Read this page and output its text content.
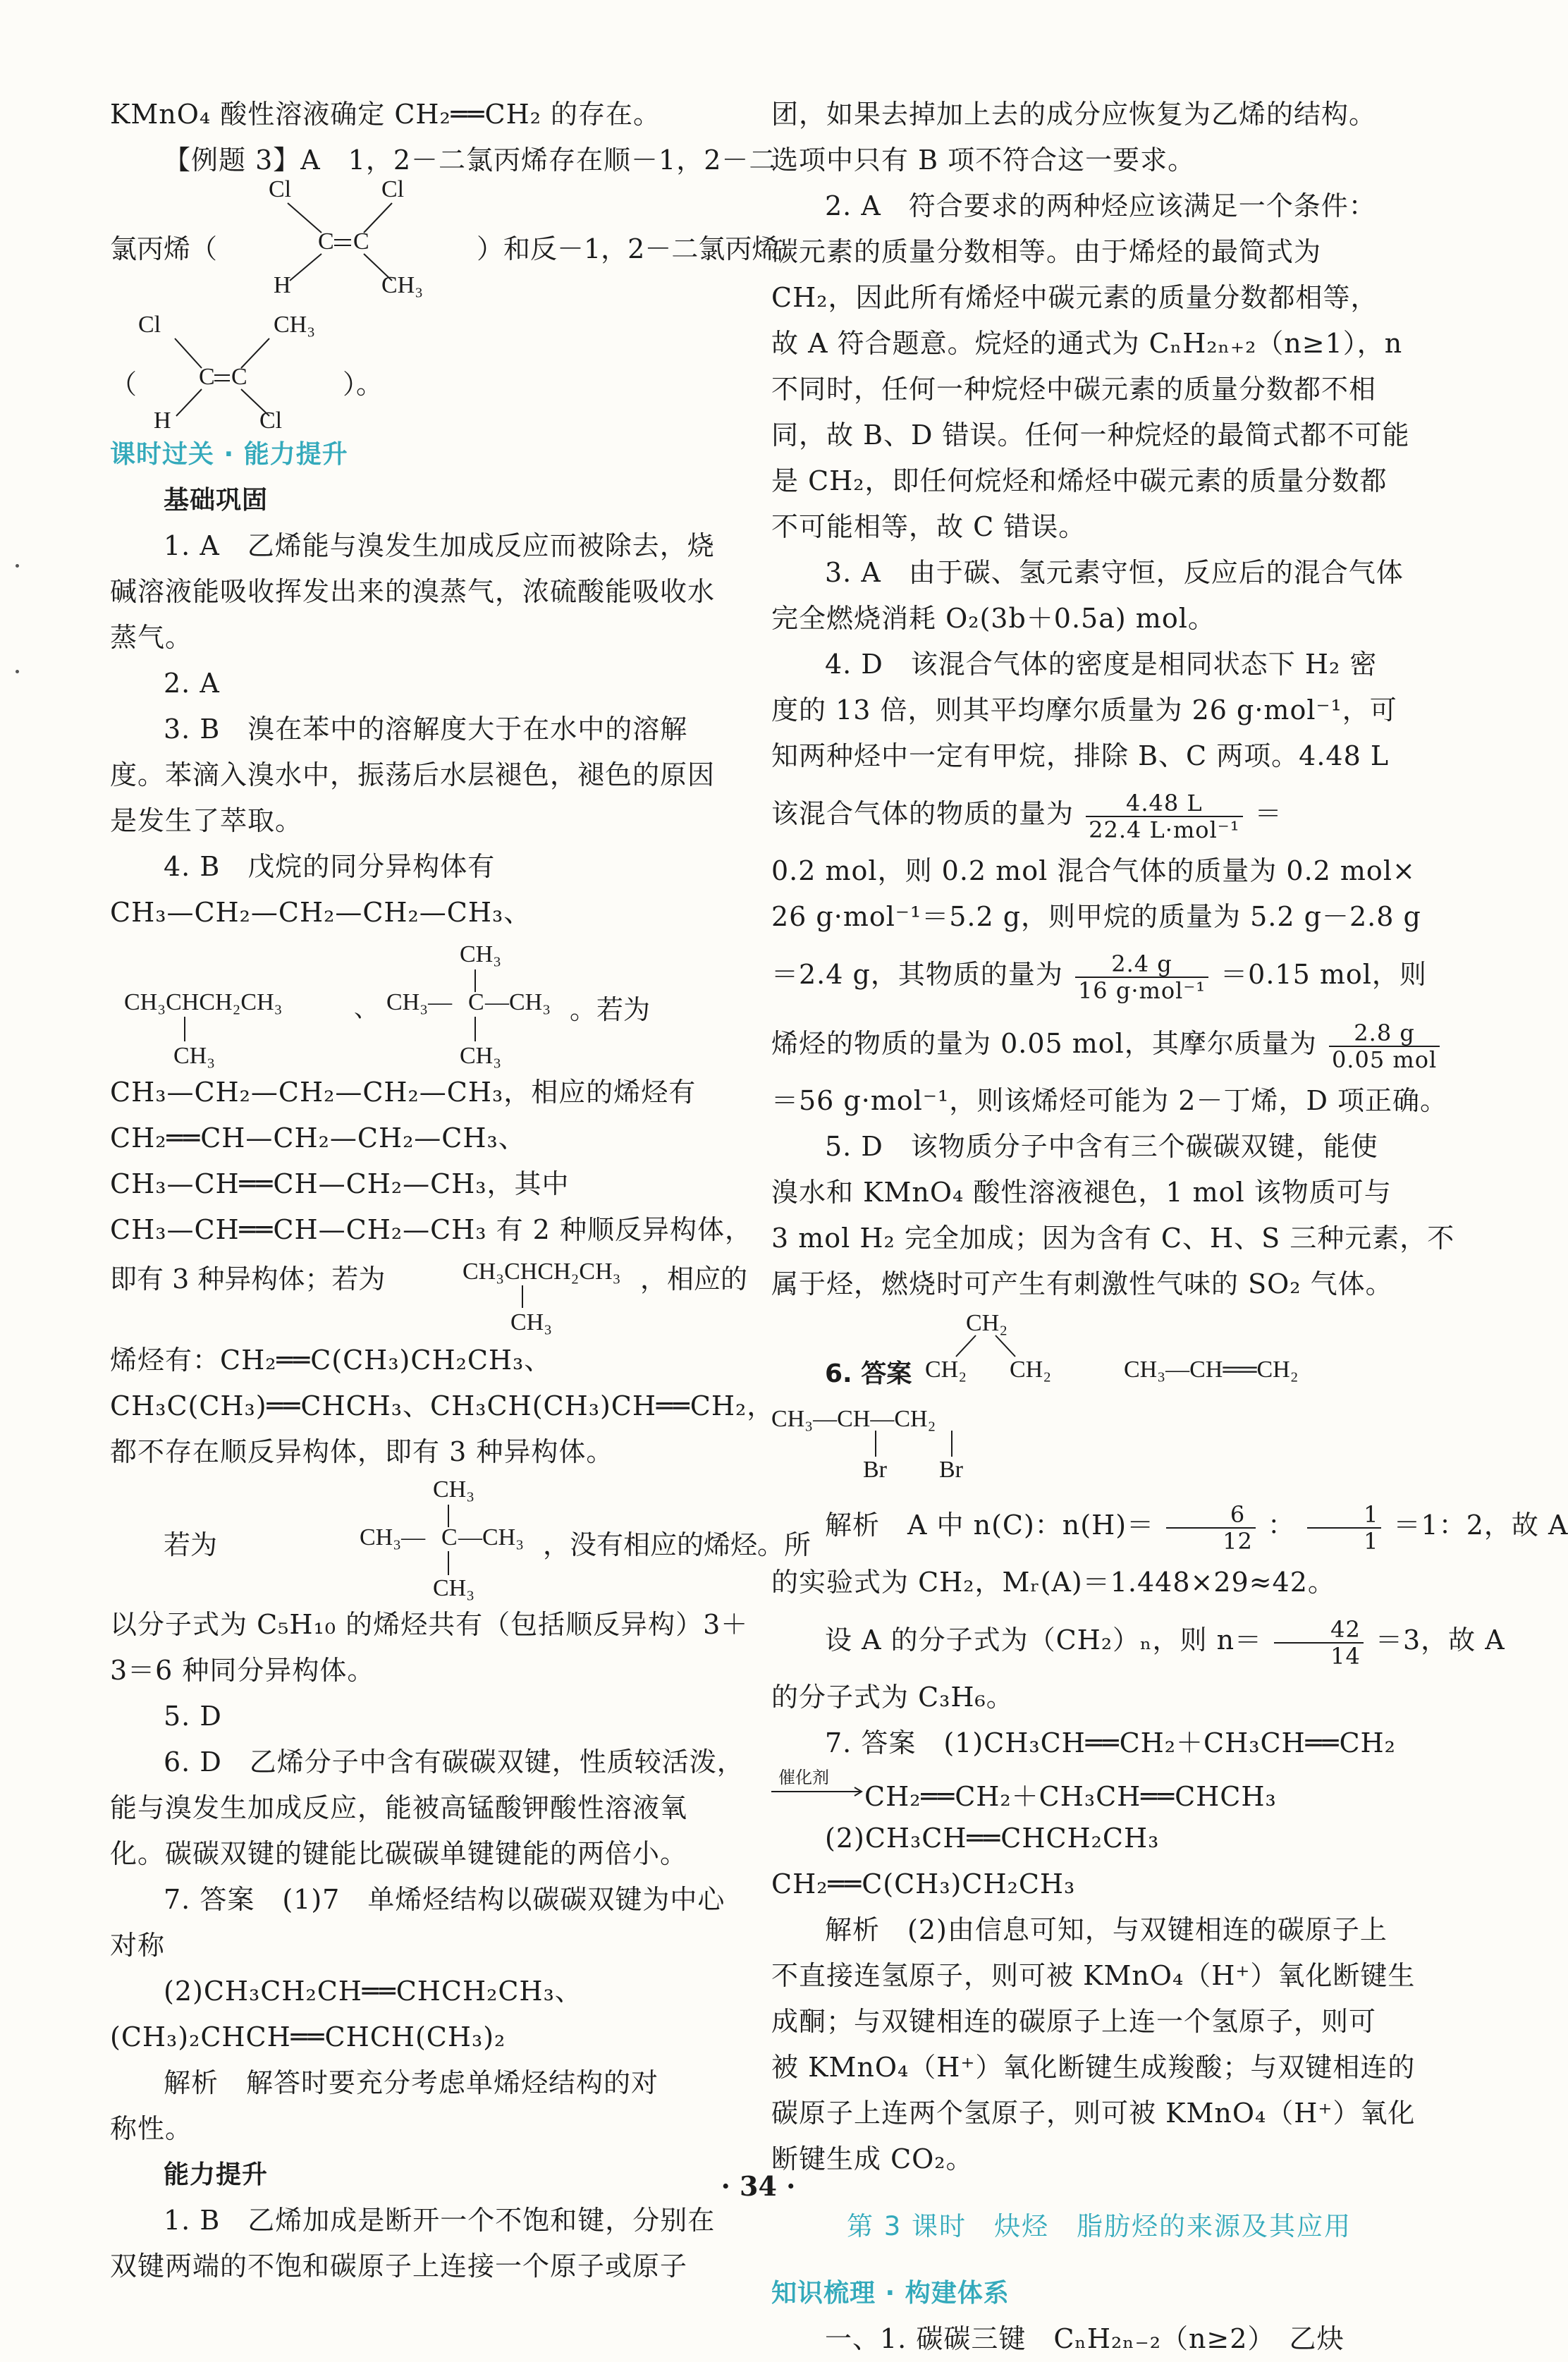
KMnO₄ 酸性溶液确定 CH₂══CH₂ 的存在。
【例题 3】A　1，2－二氯丙烯存在顺－1，2－二
Cl	Cl
氯丙烯（	C C	）和反－1，2－二氯丙烯
H	CH₃
Cl	CH₃
（	C C	）。
H	Cl
课时过关 · 能力提升
基础巩固
1. A　乙烯能与溴发生加成反应而被除去，烧
碱溶液能吸收挥发出来的溴蒸气，浓硫酸能吸收水
蒸气。
2. A
3. B　溴在苯中的溶解度大于在水中的溶解
度。苯滴入溴水中，振荡后水层褪色，褪色的原因
是发生了萃取。
4. B　戊烷的同分异构体有
CH₃—CH₂—CH₂—CH₂—CH₃、
CH₃CHCH₂CH₃
CH₃
、
CH₃
CH₃— C —CH₃
CH₃
。若为
CH₃—CH₂—CH₂—CH₂—CH₃，相应的烯烃有
CH₂══CH—CH₂—CH₂—CH₃、
CH₃—CH══CH—CH₂—CH₃，其中
CH₃—CH══CH—CH₂—CH₃ 有 2 种顺反异构体，
即有 3 种异构体；若为	CH₃CHCH₂CH₃
CH₃
，相应的
烯烃有：CH₂══C(CH₃)CH₂CH₃、
CH₃C(CH₃)══CHCH₃、CH₃CH(CH₃)CH══CH₂，
都不存在顺反异构体，即有 3 种异构体。
若为
CH₃
CH₃— C —CH₃
CH₃
，没有相应的烯烃。所
以分子式为 C₅H₁₀ 的烯烃共有（包括顺反异构）3＋
3＝6 种同分异构体。
5. D
6. D　乙烯分子中含有碳碳双键，性质较活泼，
能与溴发生加成反应，能被高锰酸钾酸性溶液氧
化。碳碳双键的键能比碳碳单键键能的两倍小。
7. 答案　(1)7　单烯烃结构以碳碳双键为中心
对称
(2)CH₃CH₂CH══CHCH₂CH₃、
(CH₃)₂CHCH══CHCH(CH₃)₂
解析　解答时要充分考虑单烯烃结构的对
称性。
能力提升
1. B　乙烯加成是断开一个不饱和键，分别在
双键两端的不饱和碳原子上连接一个原子或原子
团，如果去掉加上去的成分应恢复为乙烯的结构。
选项中只有 B 项不符合这一要求。
2. A　符合要求的两种烃应该满足一个条件：
碳元素的质量分数相等。由于烯烃的最简式为
CH₂，因此所有烯烃中碳元素的质量分数都相等，
故 A 符合题意。烷烃的通式为 CₙH₂ₙ₊₂（n≥1），n
不同时，任何一种烷烃中碳元素的质量分数都不相
同，故 B、D 错误。任何一种烷烃的最简式都不可能
是 CH₂，即任何烷烃和烯烃中碳元素的质量分数都
不可能相等，故 C 错误。
3. A　由于碳、氢元素守恒，反应后的混合气体
完全燃烧消耗 O₂(3b＋0.5a) mol。
4. D　该混合气体的密度是相同状态下 H₂ 密
度的 13 倍，则其平均摩尔质量为 26 g·mol⁻¹，可
知两种烃中一定有甲烷，排除 B、C 两项。4.48 L
该混合气体的物质的量为 $\frac{4.48 L}{\text{22.4 L·mol⁻¹}}$ ＝
0.2 mol，则 0.2 mol 混合气体的质量为 0.2 mol×
26 g·mol⁻¹＝5.2 g，则甲烷的质量为 5.2 g－2.8 g
＝2.4 g，其物质的量为 $\frac{2.4 g}{\text{16 g·mol⁻¹}} =0.15$ mol，则
烯烃的物质的量为 0.05 mol，其摩尔质量为 $\frac{2.8 g}{\text{0.05 mol}}$
＝56 g·mol⁻¹，则该烯烃可能为 2－丁烯，D 项正确。
5. D　该物质分子中含有三个碳碳双键，能使
溴水和 KMnO₄ 酸性溶液褪色，1 mol 该物质可与
3 mol H₂ 完全加成；因为含有 C、H、S 三种元素，不
属于烃，燃烧时可产生有刺激性气味的 SO₂ 气体。
CH₂
6. 答案 CH₂ CH₂	CH₃—CH══CH₂
CH₃—CH—CH₂
Br Br
解析　A 中 n(C)：$n(H)= \frac{6}{12}$ ： $\frac{1}{1} =1$：2，故 A
的实验式为 CH₂，Mᵣ(A)＝1.448×29≈42。
设 A 的分子式为（CH₂）ₙ，则 $n= \frac{42}{14} =3$，故 A
的分子式为 C₃H₆。
7. 答案　(1)CH₃CH══CH₂＋CH₃CH══CH₂
催化剂
CH₂══CH₂＋CH₃CH══CHCH₃
(2)CH₃CH══CHCH₂CH₃
CH₂══C(CH₃)CH₂CH₃
解析　(2)由信息可知，与双键相连的碳原子上
不直接连氢原子，则可被 KMnO₄（H⁺）氧化断键生
成酮；与双键相连的碳原子上连一个氢原子，则可
被 KMnO₄（H⁺）氧化断键生成羧酸；与双键相连的
碳原子上连两个氢原子，则可被 KMnO₄（H⁺）氧化
断键生成 CO₂。
第 3 课时　炔烃　脂肪烃的来源及其应用
知识梳理 · 构建体系
一、1. 碳碳三键　CₙH₂ₙ₋₂（n≥2）　乙炔
· 34 ·
